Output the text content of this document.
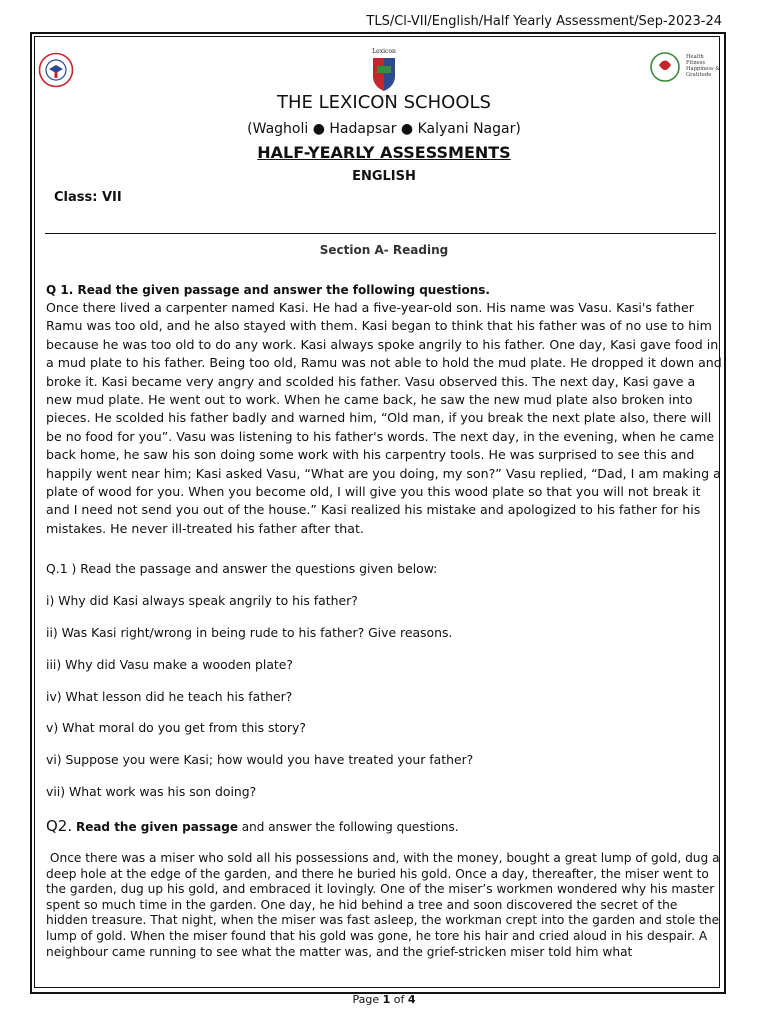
TLS/Cl-VII/English/Half Yearly Assessment/Sep-2023-24
Lexicon
Health
Fitness
Happiness &
Gratitude
THE LEXICON SCHOOLS
(Wagholi ● Hadapsar ● Kalyani Nagar)
HALF-YEARLY ASSESSMENTS
ENGLISH
Class: VII
Section A- Reading
Q 1. Read the given passage and answer the following questions.

Once there lived a carpenter named Kasi. He had a five-year-old son. His name was Vasu. Kasi's father Ramu was too old, and he also stayed with them. Kasi began to think that his father was of no use to him because he was too old to do any work. Kasi always spoke angrily to his father. One day, Kasi gave food in a mud plate to his father. Being too old, Ramu was not able to hold the mud plate. He dropped it down and broke it. Kasi became very angry and scolded his father. Vasu observed this. The next day, Kasi gave a new mud plate. He went out to work. When he came back, he saw the new mud plate also broken into pieces. He scolded his father badly and warned him, “Old man, if you break the next plate also, there will be no food for you”. Vasu was listening to his father's words. The next day, in the evening, when he came back home, he saw his son doing some work with his carpentry tools. He was surprised to see this and happily went near him; Kasi asked Vasu, “What are you doing, my son?” Vasu replied, “Dad, I am making a plate of wood for you. When you become old, I will give you this wood plate so that you will not break it and I need not send you out of the house.” Kasi realized his mistake and apologized to his father for his mistakes. He never ill-treated his father after that.

Q.1 ) Read the passage and answer the questions given below:
i) Why did Kasi always speak angrily to his father?
ii) Was Kasi right/wrong in being rude to his father? Give reasons.
iii) Why did Vasu make a wooden plate?
iv) What lesson did he teach his father?
v) What moral do you get from this story?
vi) Suppose you were Kasi; how would you have treated your father?
vii) What work was his son doing?
Q2. Read the given passage and answer the following questions.

Once there was a miser who sold all his possessions and, with the money, bought a great lump of gold, dug a deep hole at the edge of the garden, and there he buried his gold. Once a day, thereafter, the miser went to the garden, dug up his gold, and embraced it lovingly. One of the miser’s workmen wondered why his master spent so much time in the garden. One day, he hid behind a tree and soon discovered the secret of the hidden treasure. That night, when the miser was fast asleep, the workman crept into the garden and stole the lump of gold. When the miser found that his gold was gone, he tore his hair and cried aloud in his despair. A neighbour came running to see what the matter was, and the grief-stricken miser told him what

Page 1 of 4
